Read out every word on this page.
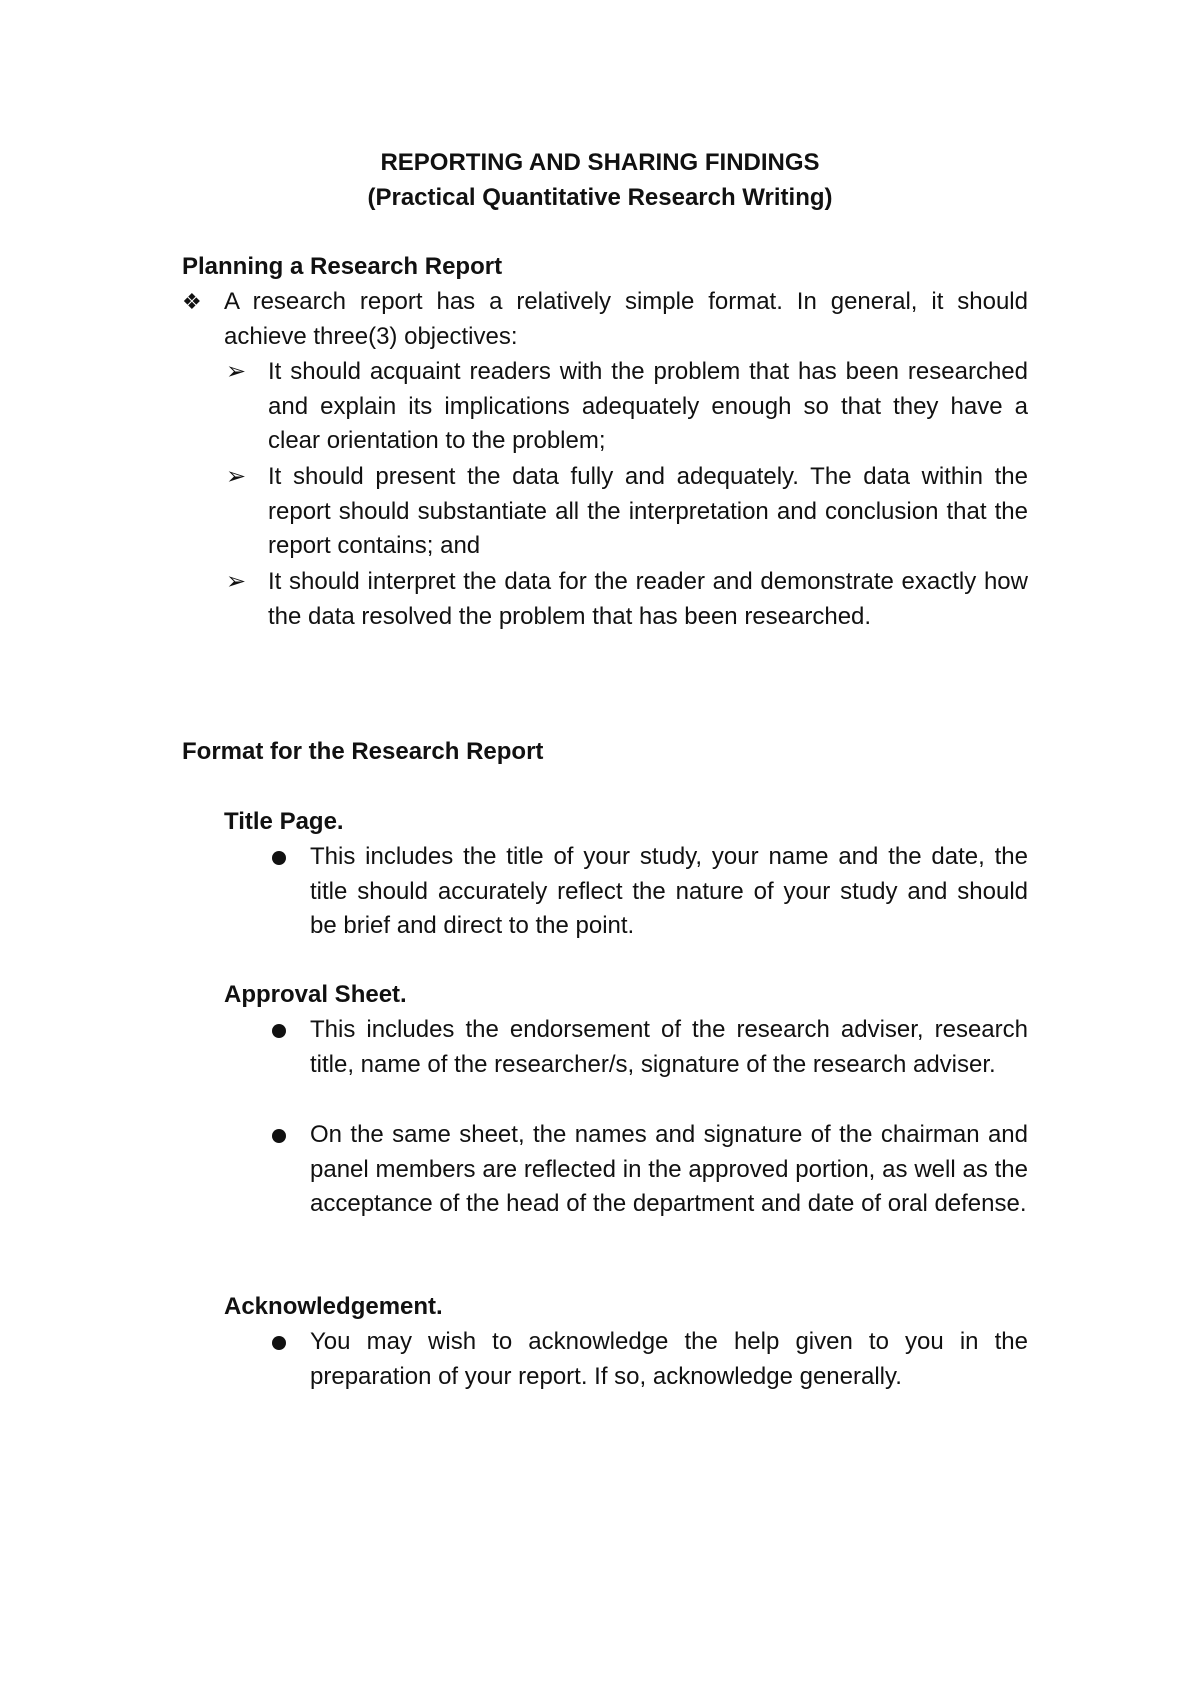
REPORTING AND SHARING FINDINGS
(Practical Quantitative Research Writing)
Planning a Research Report
❖ A research report has a relatively simple format. In general, it should achieve three(3) objectives:
➢ It should acquaint readers with the problem that has been researched and explain its implications adequately enough so that they have a clear orientation to the problem;
➢ It should present the data fully and adequately. The data within the report should substantiate all the interpretation and conclusion that the report contains; and
➢ It should interpret the data for the reader and demonstrate exactly how the data resolved the problem that has been researched.
Format for the Research Report
Title Page.
This includes the title of your study, your name and the date, the title should accurately reflect the nature of your study and should be brief and direct to the point.
Approval Sheet.
This includes the endorsement of the research adviser, research title, name of the researcher/s, signature of the research adviser.
On the same sheet, the names and signature of the chairman and panel members are reflected in the approved portion, as well as the acceptance of the head of the department and date of oral defense.
Acknowledgement.
You may wish to acknowledge the help given to you in the preparation of your report. If so, acknowledge generally.
